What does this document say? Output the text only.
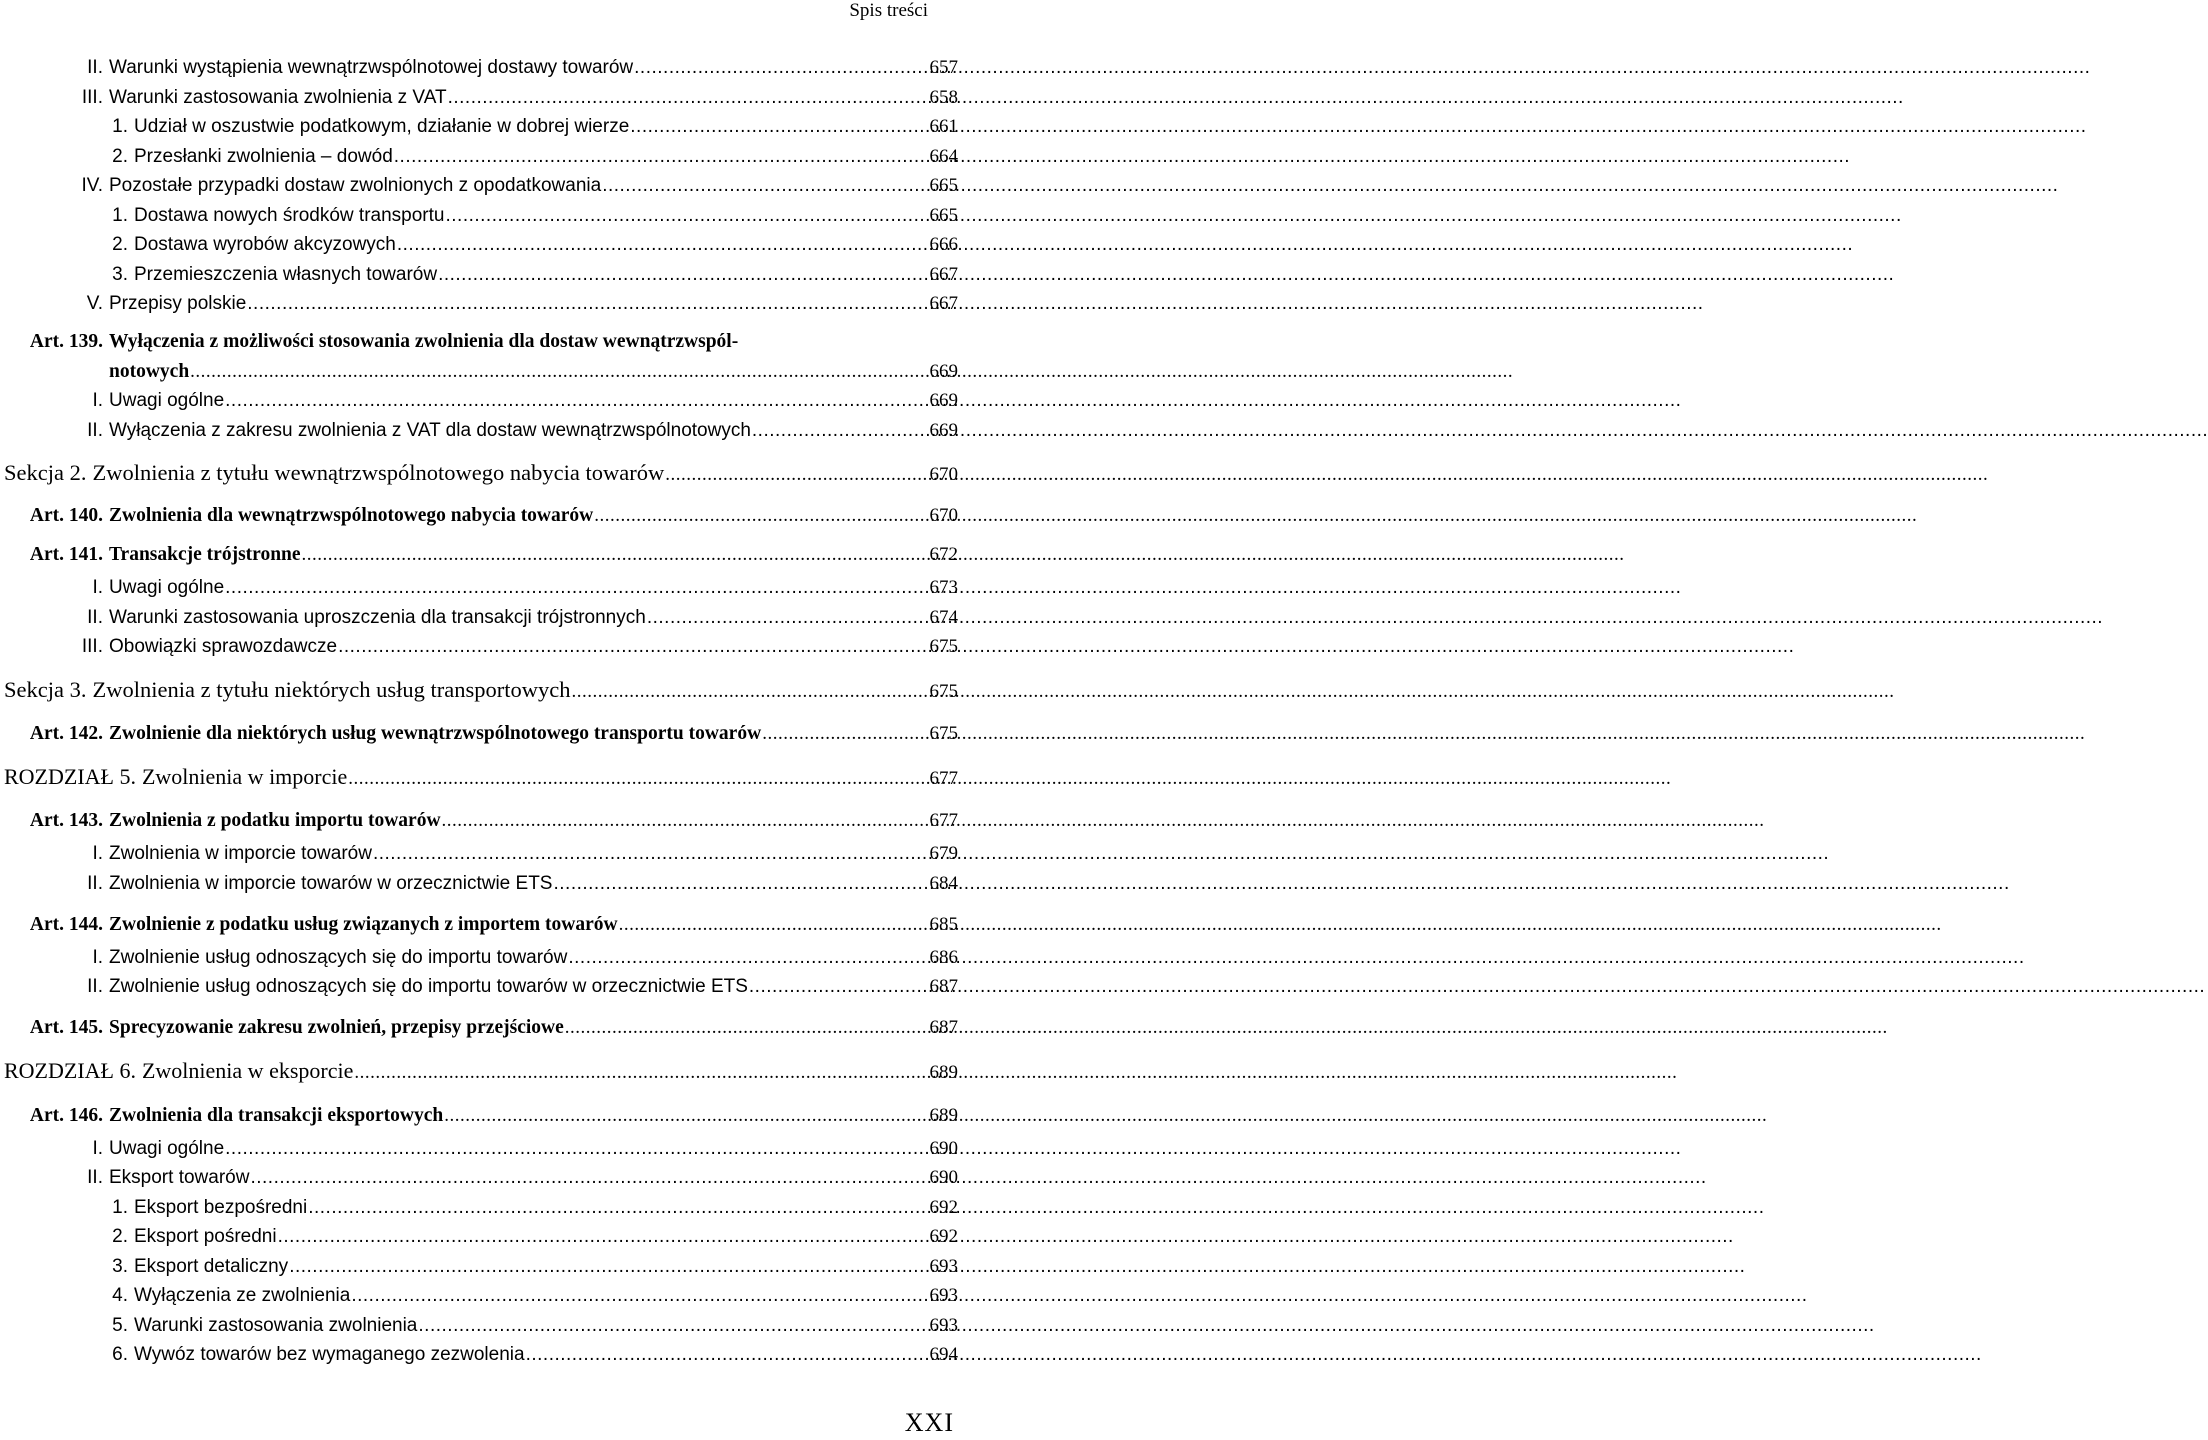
Spis treści
II. Warunki wystąpienia wewnątrzwspólnotowej dostawy towarów .....	657
III. Warunki zastosowania zwolnienia z VAT .....	658
1. Udział w oszustwie podatkowym, działanie w dobrej wierze .....	661
2. Przesłanki zwolnienia – dowód .....	664
IV. Pozostałe przypadki dostaw zwolnionych z opodatkowania .....	665
1. Dostawa nowych środków transportu .....	665
2. Dostawa wyrobów akcyzowych .....	666
3. Przemieszczenia własnych towarów .....	667
V. Przepisy polskie .....	667
Art. 139. Wyłączenia z możliwości stosowania zwolnienia dla dostaw wewnątrzwspól-
notowych .....	669
I. Uwagi ogólne .....	669
II. Wyłączenia z zakresu zwolnienia z VAT dla dostaw wewnątrzwspólnotowych .....	669
Sekcja 2. Zwolnienia z tytułu wewnątrzwspólnotowego nabycia towarów .....	670
Art. 140. Zwolnienia dla wewnątrzwspólnotowego nabycia towarów .....	670
Art. 141. Transakcje trójstronne .....	672
I. Uwagi ogólne .....	673
II. Warunki zastosowania uproszczenia dla transakcji trójstronnych .....	674
III. Obowiązki sprawozdawcze .....	675
Sekcja 3. Zwolnienia z tytułu niektórych usług transportowych .....	675
Art. 142. Zwolnienie dla niektórych usług wewnątrzwspólnotowego transportu towarów .....	675
ROZDZIAŁ 5. Zwolnienia w imporcie .....	677
Art. 143. Zwolnienia z podatku importu towarów .....	677
I. Zwolnienia w imporcie towarów .....	679
II. Zwolnienia w imporcie towarów w orzecznictwie ETS .....	684
Art. 144. Zwolnienie z podatku usług związanych z importem towarów .....	685
I. Zwolnienie usług odnoszących się do importu towarów .....	686
II. Zwolnienie usług odnoszących się do importu towarów w orzecznictwie ETS .....	687
Art. 145. Sprecyzowanie zakresu zwolnień, przepisy przejściowe .....	687
ROZDZIAŁ 6. Zwolnienia w eksporcie .....	689
Art. 146. Zwolnienia dla transakcji eksportowych .....	689
I. Uwagi ogólne .....	690
II. Eksport towarów .....	690
1. Eksport bezpośredni .....	692
2. Eksport pośredni .....	692
3. Eksport detaliczny .....	693
4. Wyłączenia ze zwolnienia .....	693
5. Warunki zastosowania zwolnienia .....	693
6. Wywóz towarów bez wymaganego zezwolenia .....	694
XXI
